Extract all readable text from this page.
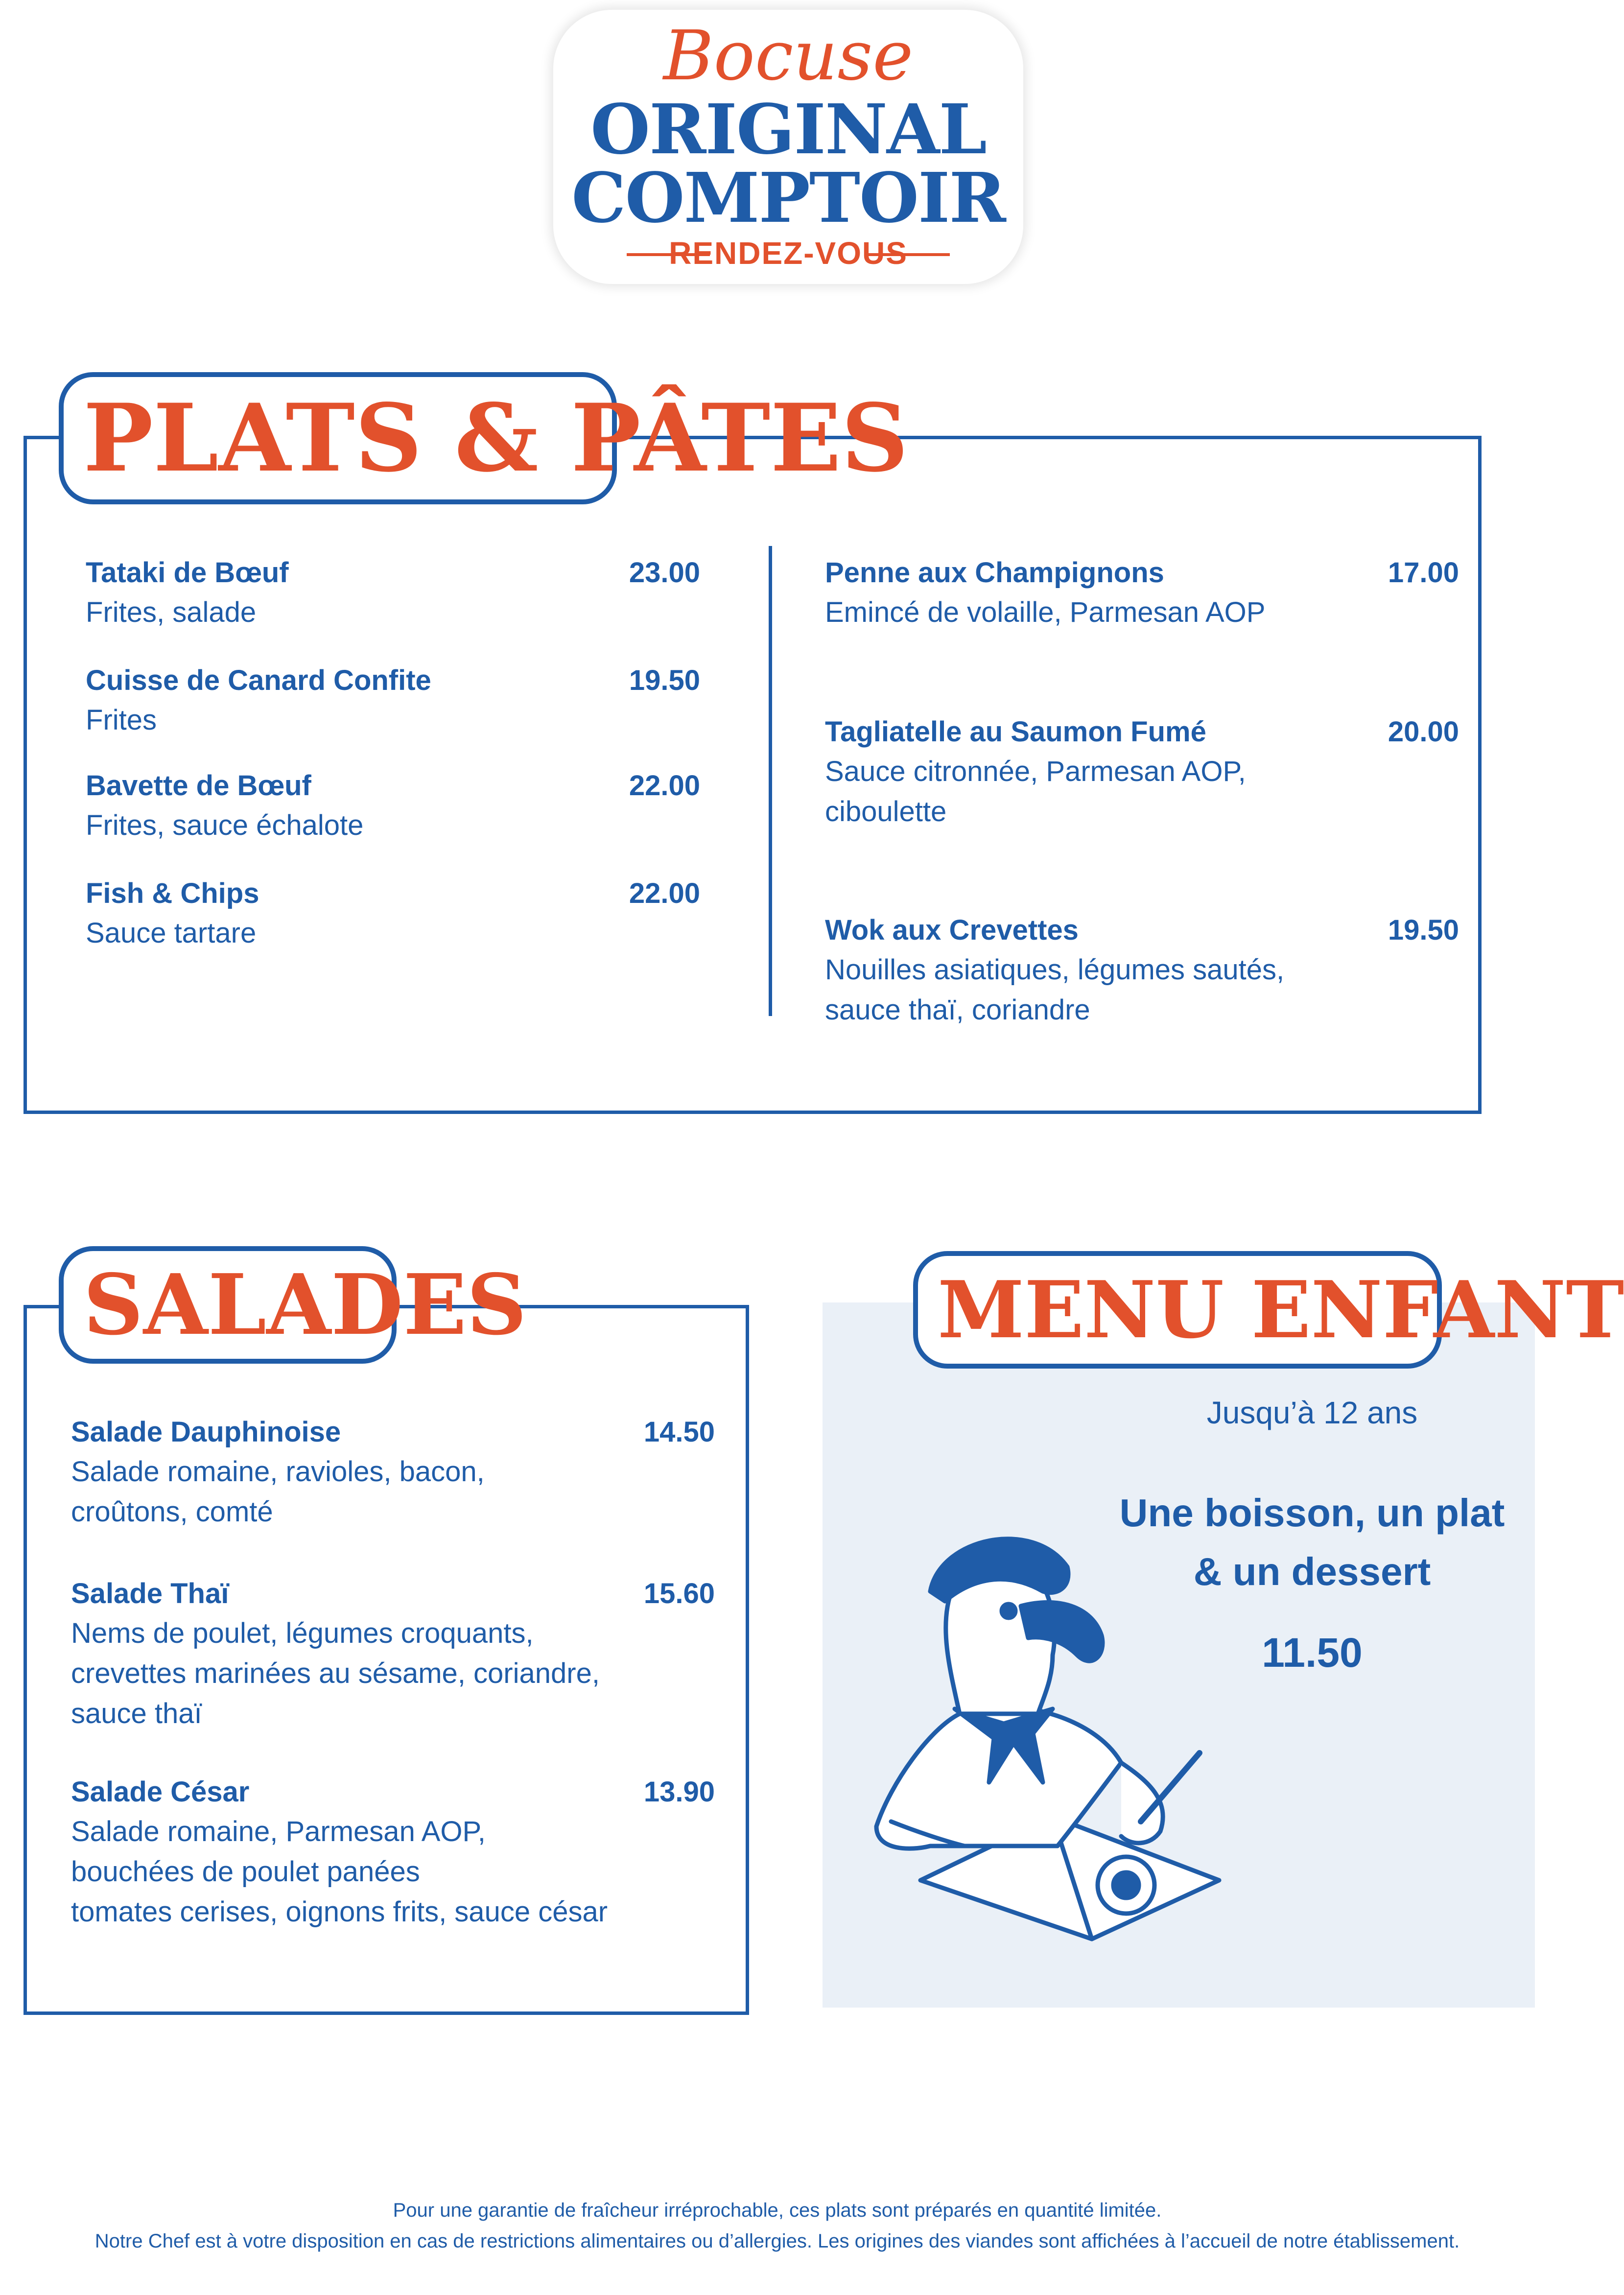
Bocuse
ORIGINAL
COMPTOIR
RENDEZ-VOUS
PLATS & PÂTES
Tataki de Bœuf	23.00
Frites, salade
Cuisse de Canard Confite	19.50
Frites
Bavette de Bœuf	22.00
Frites, sauce échalote
Fish & Chips	22.00
Sauce tartare
Penne aux Champignons	17.00
Emincé de volaille, Parmesan AOP
Tagliatelle au Saumon Fumé	20.00
Sauce citronnée, Parmesan AOP,
ciboulette
Wok aux Crevettes	19.50
Nouilles asiatiques, légumes sautés,
sauce thaï, coriandre
SALADES
Salade Dauphinoise	14.50
Salade romaine, ravioles, bacon,
croûtons, comté
Salade Thaï	15.60
Nems de poulet, légumes croquants,
crevettes marinées au sésame, coriandre,
sauce thaï
Salade César	13.90
Salade romaine, Parmesan AOP,
bouchées de poulet panées
tomates cerises, oignons frits, sauce césar
MENU ENFANT
Jusqu’à 12 ans
Une boisson, un plat
& un dessert
11.50
Pour une garantie de fraîcheur irréprochable, ces plats sont préparés en quantité limitée.
Notre Chef est à votre disposition en cas de restrictions alimentaires ou d’allergies. Les origines des viandes sont affichées à l’accueil de notre établissement.
